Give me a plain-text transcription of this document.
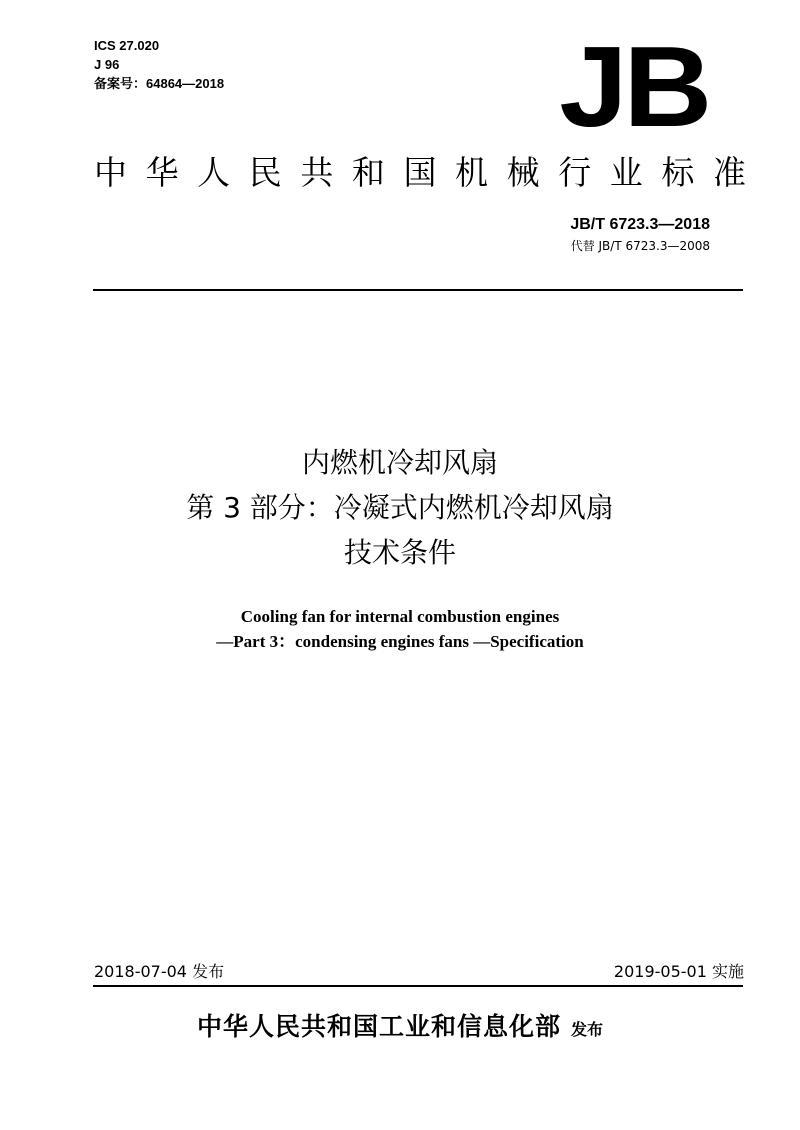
ICS 27.020
J 96
备案号：64864—2018	JB
中 华 人 民 共 和 国 机 械 行 业 标 准
JB/T 6723.3—2018
代替 JB/T 6723.3—2008
内燃机冷却风扇
第 3 部分：冷凝式内燃机冷却风扇
技术条件
Cooling fan for internal combustion engines
—Part 3：condensing engines fans —Specification
2018-07-04 发布	2019-05-01 实施
中华人民共和国工业和信息化部 发布
